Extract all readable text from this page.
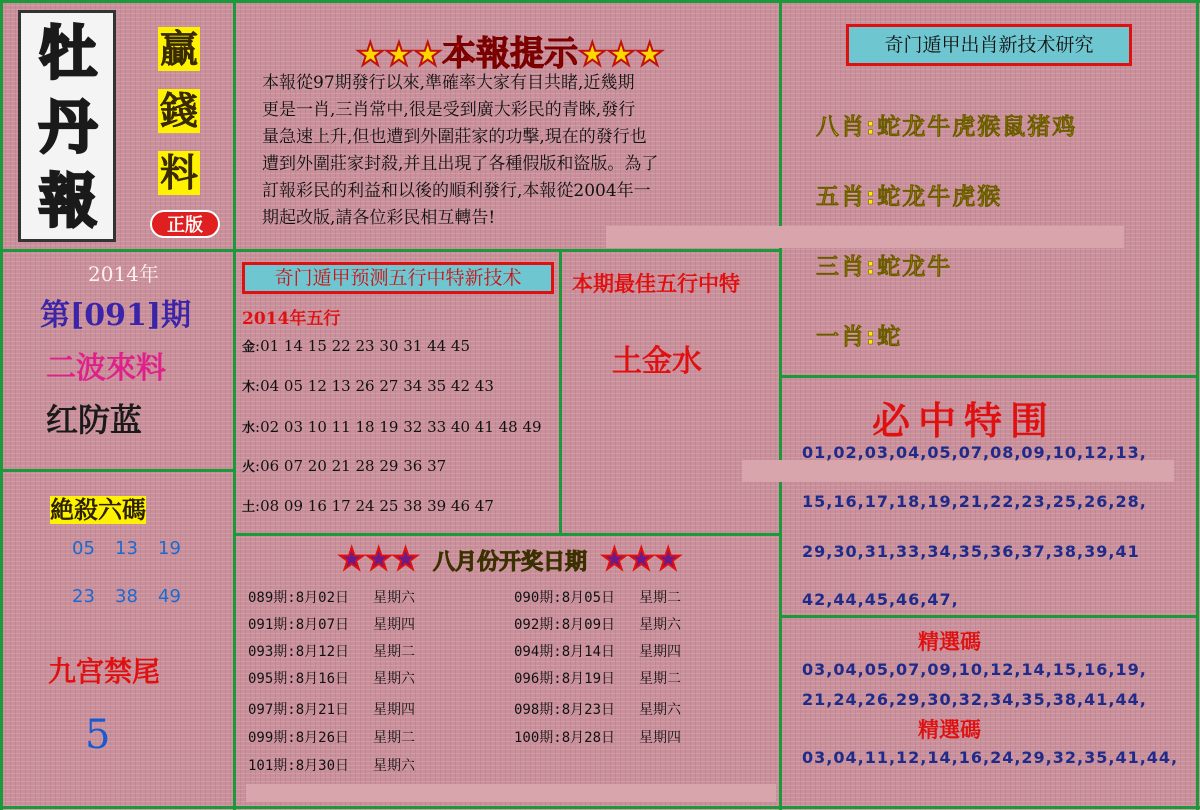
牡
丹
報
贏
錢
料
正版
★★★本報提示★★★
本報從97期發行以來,準確率大家有目共睹,近幾期
更是一肖,三肖常中,很是受到廣大彩民的青睞,發行
量急速上升,但也遭到外圍莊家的功擊,現在的發行也
遭到外圍莊家封殺,并且出現了各種假版和盜版。為了
訂報彩民的利益和以後的順利發行,本報從2004年一
期起改版,請各位彩民相互轉告!
2014年
第[091]期
二波來料
红防蓝
絶殺六碼
05 13 19
23 38 49
九宫禁尾
5
奇门遁甲预测五行中特新技术
2014年五行
金:01 14 15 22 23 30 31 44 45
木:04 05 12 13 26 27 34 35 42 43
水:02 03 10 11 18 19 32 33 40 41 48 49
火:06 07 20 21 28 29 36 37
土:08 09 16 17 24 25 38 39 46 47
本期最佳五行中特
土金水
奇门遁甲出肖新技术研究
八肖:蛇龙牛虎猴鼠猪鸡
五肖:蛇龙牛虎猴
三肖:蛇龙牛
一肖:蛇
必中特围
01,02,03,04,05,07,08,09,10,12,13,
15,16,17,18,19,21,22,23,25,26,28,
29,30,31,33,34,35,36,37,38,39,41
42,44,45,46,47,
精選碼
03,04,05,07,09,10,12,14,15,16,19,
21,24,26,29,30,32,34,35,38,41,44,
精選碼
03,04,11,12,14,16,24,29,32,35,41,44,
★★★ 八月份开奖日期 ★★★
089期:8月02日 星期六
091期:8月07日 星期四
093期:8月12日 星期二
095期:8月16日 星期六
097期:8月21日 星期四
099期:8月26日 星期二
101期:8月30日 星期六
090期:8月05日 星期二
092期:8月09日 星期六
094期:8月14日 星期四
096期:8月19日 星期二
098期:8月23日 星期六
100期:8月28日 星期四
